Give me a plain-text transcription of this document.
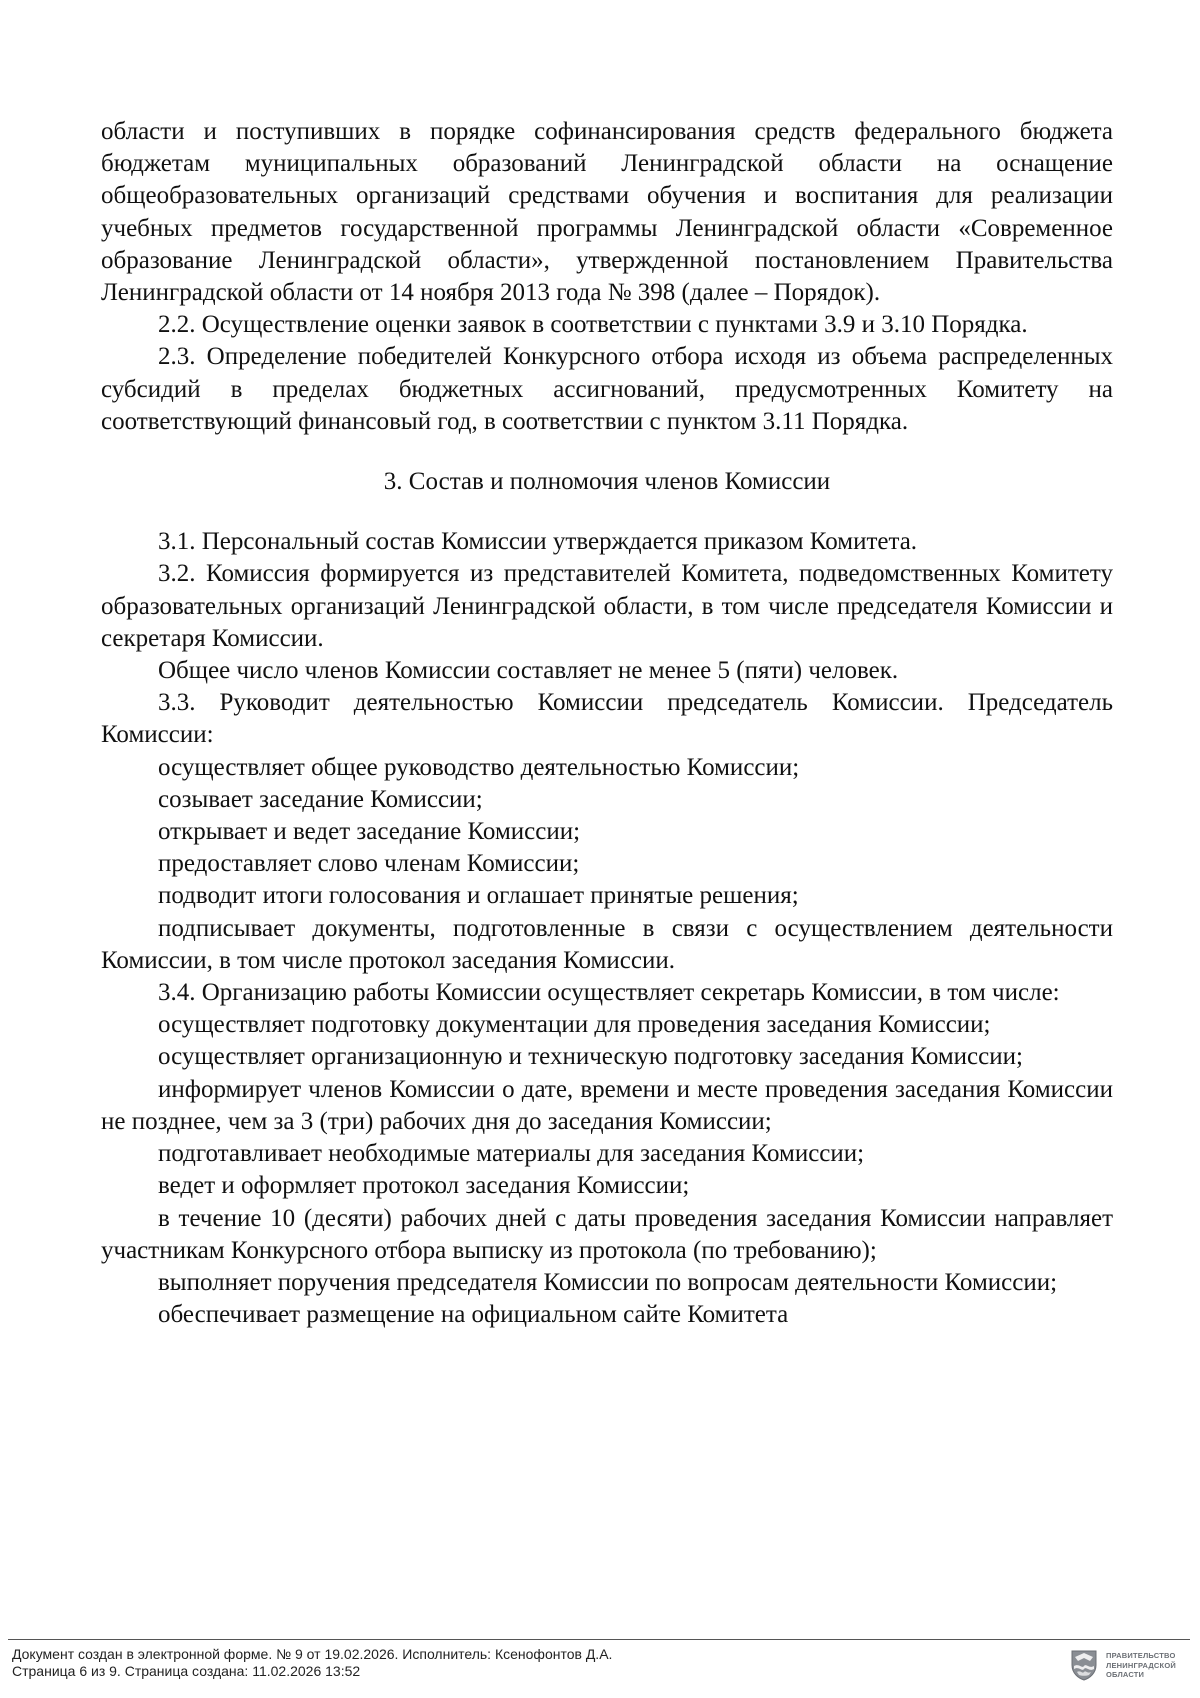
области и поступивших в порядке софинансирования средств федерального бюджета бюджетам муниципальных образований Ленинградской области на оснащение общеобразовательных организаций средствами обучения и воспитания для реализации учебных предметов государственной программы Ленинградской области «Современное образование Ленинградской области», утвержденной постановлением Правительства Ленинградской области от 14 ноября 2013 года № 398 (далее – Порядок).

2.2. Осуществление оценки заявок в соответствии с пунктами 3.9 и 3.10 Порядка.

2.3. Определение победителей Конкурсного отбора исходя из объема распределенных субсидий в пределах бюджетных ассигнований, предусмотренных Комитету на соответствующий финансовый год, в соответствии с пунктом 3.11 Порядка.

3. Состав и полномочия членов Комиссии

3.1. Персональный состав Комиссии утверждается приказом Комитета.

3.2. Комиссия формируется из представителей Комитета, подведомственных Комитету образовательных организаций Ленинградской области, в том числе председателя Комиссии и секретаря Комиссии.

Общее число членов Комиссии составляет не менее 5 (пяти) человек.

3.3. Руководит деятельностью Комиссии председатель Комиссии. Председатель Комиссии:

осуществляет общее руководство деятельностью Комиссии;

созывает заседание Комиссии;

открывает и ведет заседание Комиссии;

предоставляет слово членам Комиссии;

подводит итоги голосования и оглашает принятые решения;

подписывает документы, подготовленные в связи с осуществлением деятельности Комиссии, в том числе протокол заседания Комиссии.

3.4. Организацию работы Комиссии осуществляет секретарь Комиссии, в том числе:

осуществляет подготовку документации для проведения заседания Комиссии;

осуществляет организационную и техническую подготовку заседания Комиссии;

информирует членов Комиссии о дате, времени и месте проведения заседания Комиссии не позднее, чем за 3 (три) рабочих дня до заседания Комиссии;

подготавливает необходимые материалы для заседания Комиссии;

ведет и оформляет протокол заседания Комиссии;

в течение 10 (десяти) рабочих дней с даты проведения заседания Комиссии направляет участникам Конкурсного отбора выписку из протокола (по требованию);

выполняет поручения председателя Комиссии по вопросам деятельности Комиссии;

обеспечивает размещение на официальном сайте Комитета

Документ создан в электронной форме. № 9 от 19.02.2026. Исполнитель: Ксенофонтов Д.А.
Страница 6 из 9. Страница создана: 11.02.2026 13:52
ПРАВИТЕЛЬСТВО
ЛЕНИНГРАДСКОЙ
ОБЛАСТИ
